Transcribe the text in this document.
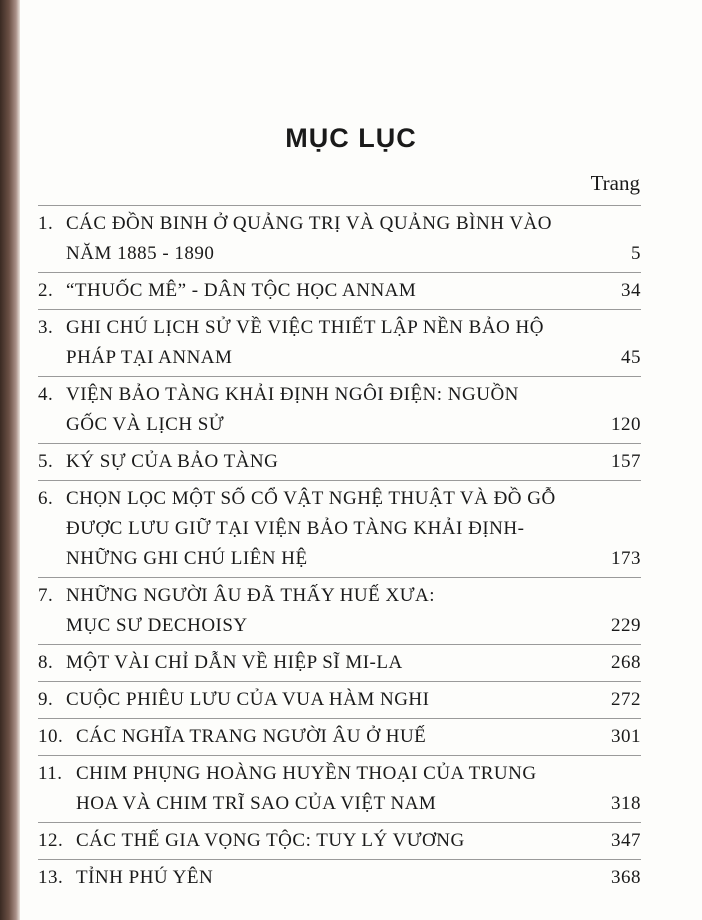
MỤC LỤC
Trang
1. CÁC ĐỒN BINH Ở QUẢNG TRỊ VÀ QUẢNG BÌNH VÀO
NĂM 1885 - 1890	5
2. “THUỐC MÊ” - DÂN TỘC HỌC ANNAM	34
3. GHI CHÚ LỊCH SỬ VỀ VIỆC THIẾT LẬP NỀN BẢO HỘ
PHÁP TẠI ANNAM	45
4. VIỆN BẢO TÀNG KHẢI ĐỊNH NGÔI ĐIỆN: NGUỒN
GỐC VÀ LỊCH SỬ	120
5. KÝ SỰ CỦA BẢO TÀNG	157
6. CHỌN LỌC MỘT SỐ CỔ VẬT NGHỆ THUẬT VÀ ĐỒ GỖ
ĐƯỢC LƯU GIỮ TẠI VIỆN BẢO TÀNG KHẢI ĐỊNH-
NHỮNG GHI CHÚ LIÊN HỆ	173
7. NHỮNG NGƯỜI ÂU ĐÃ THẤY HUẾ XƯA:
MỤC SƯ DECHOISY	229
8. MỘT VÀI CHỈ DẪN VỀ HIỆP SĨ MI-LA	268
9. CUỘC PHIÊU LƯU CỦA VUA HÀM NGHI	272
10. CÁC NGHĨA TRANG NGƯỜI ÂU Ở HUẾ	301
11. CHIM PHỤNG HOÀNG HUYỀN THOẠI CỦA TRUNG
HOA VÀ CHIM TRĨ SAO CỦA VIỆT NAM	318
12. CÁC THẾ GIA VỌNG TỘC: TUY LÝ VƯƠNG	347
13. TỈNH PHÚ YÊN	368
